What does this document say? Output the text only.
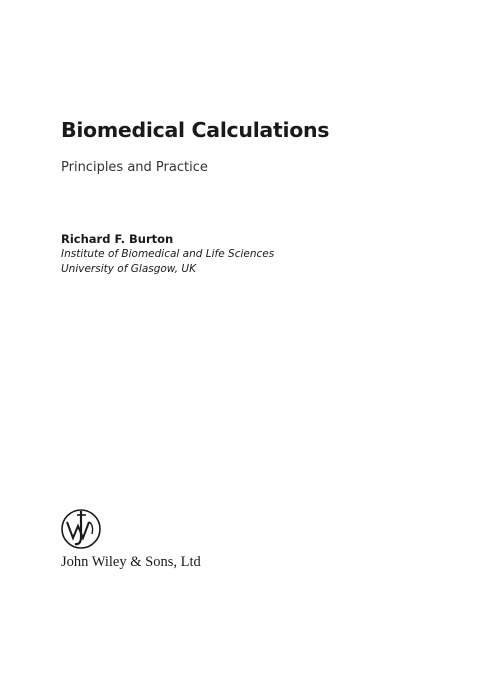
Biomedical Calculations
Principles and Practice
Richard F. Burton
Institute of Biomedical and Life Sciences
University of Glasgow, UK
John Wiley & Sons, Ltd
